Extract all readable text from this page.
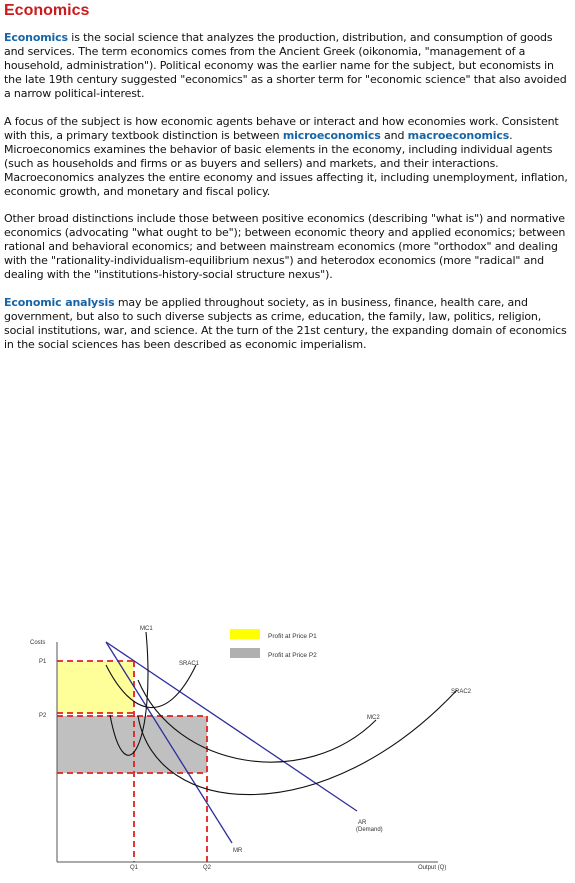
Economics

Economics is the social science that analyzes the production, distribution, and consumption of goods and services. The term economics comes from the Ancient Greek (oikonomia, "management of a household, administration"). Political economy was the earlier name for the subject, but economists in the late 19th century suggested "economics" as a shorter term for "economic science" that also avoided a narrow political-interest.

A focus of the subject is how economic agents behave or interact and how economies work. Consistent with this, a primary textbook distinction is between microeconomics and macroeconomics. Microeconomics examines the behavior of basic elements in the economy, including individual agents (such as households and firms or as buyers and sellers) and markets, and their interactions. Macroeconomics analyzes the entire economy and issues affecting it, including unemployment, inflation, economic growth, and monetary and fiscal policy.

Other broad distinctions include those between positive economics (describing "what is") and normative economics (advocating "what ought to be"); between economic theory and applied economics; between rational and behavioral economics; and between mainstream economics (more "orthodox" and dealing with the "rationality-individualism-equilibrium nexus") and heterodox economics (more "radical" and dealing with the "institutions-history-social structure nexus").

Economic analysis may be applied throughout society, as in business, finance, health care, and government, but also to such diverse subjects as crime, education, the family, law, politics, religion, social institutions, war, and science. At the turn of the 21st century, the expanding domain of economics in the social sciences has been described as economic imperialism.

Costs
P1
P2
Q1	Q2	Output (Q)
MC1
SRAC1
SRAC2
MC2
MR
AR
(Demand)
Profit at Price P1
Profit at Price P2
